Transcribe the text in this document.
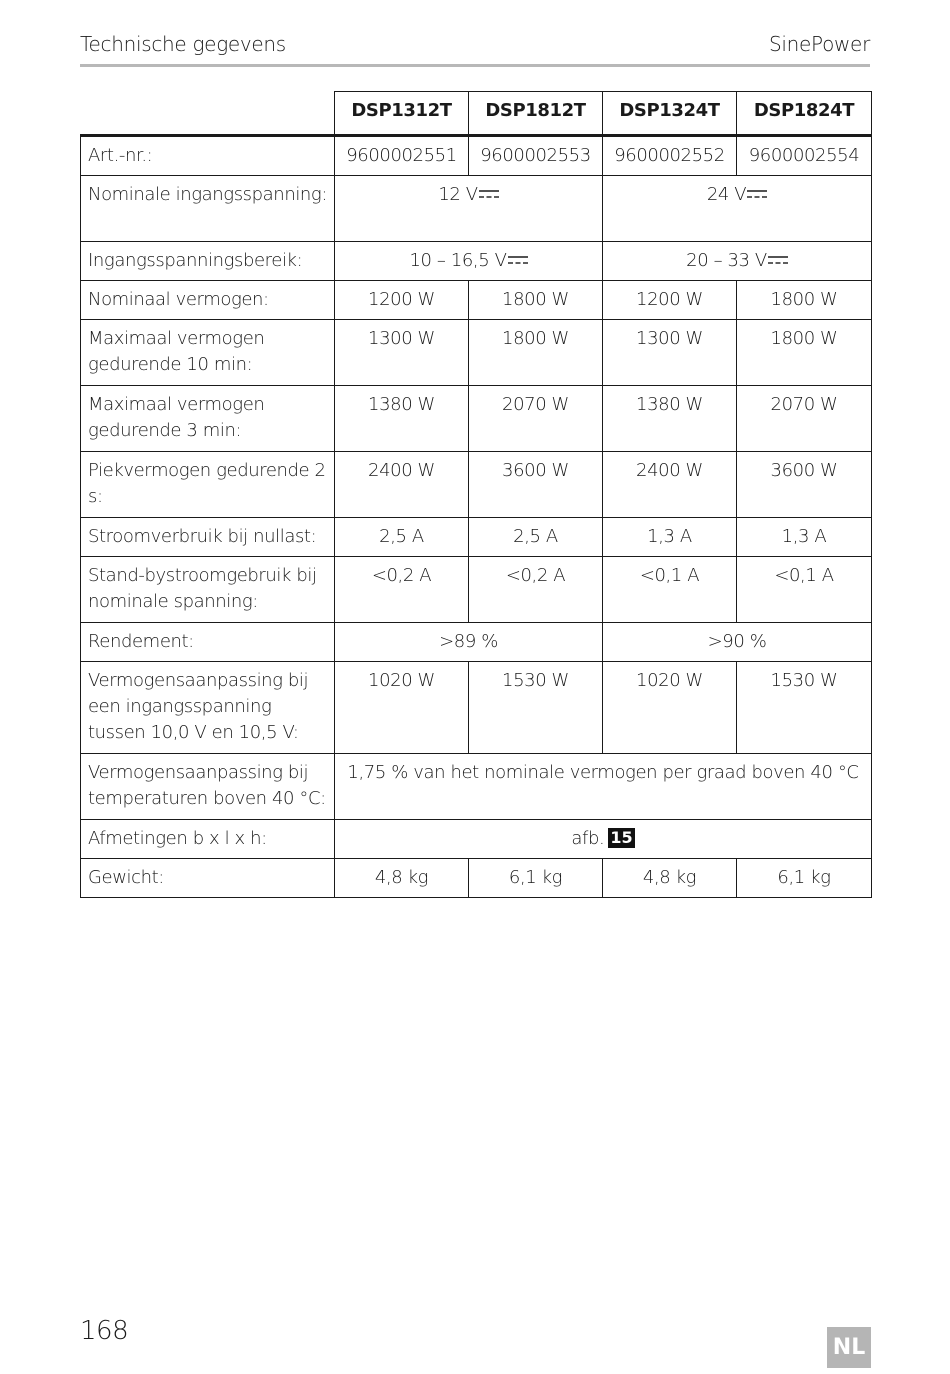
Technische gegevens	SinePower
	DSP1312T	DSP1812T	DSP1324T	DSP1824T
Art.-nr.:	9600002551	9600002553	9600002552	9600002554
Nominale ingangsspanning:	12 V		24 V	
Ingangsspanningsbereik:	10 – 16,5 V		20 – 33 V	
Nominaal vermogen:	1200 W	1800 W	1200 W	1800 W
Maximaal vermogen gedurende 10 min:	1300 W	1800 W	1300 W	1800 W
Maximaal vermogen gedurende 3 min:	1380 W	2070 W	1380 W	2070 W
Piekvermogen gedurende 2 s:	2400 W	3600 W	2400 W	3600 W
Stroomverbruik bij nullast:	2,5 A	2,5 A	1,3 A	1,3 A
Stand-bystroomgebruik bij nominale spanning:	<0,2 A	<0,2 A	<0,1 A	<0,1 A
Rendement:	>89 %		>90 %	
Vermogensaanpassing bij een ingangsspanning tussen 10,0 V en 10,5 V:	1020 W	1530 W	1020 W	1530 W
Vermogensaanpassing bij temperaturen boven 40 °C:	1,75 % van het nominale vermogen per graad boven 40 °C			
Afmetingen b x l x h:	afb. 15			
Gewicht:	4,8 kg	6,1 kg	4,8 kg	6,1 kg
168
NL
